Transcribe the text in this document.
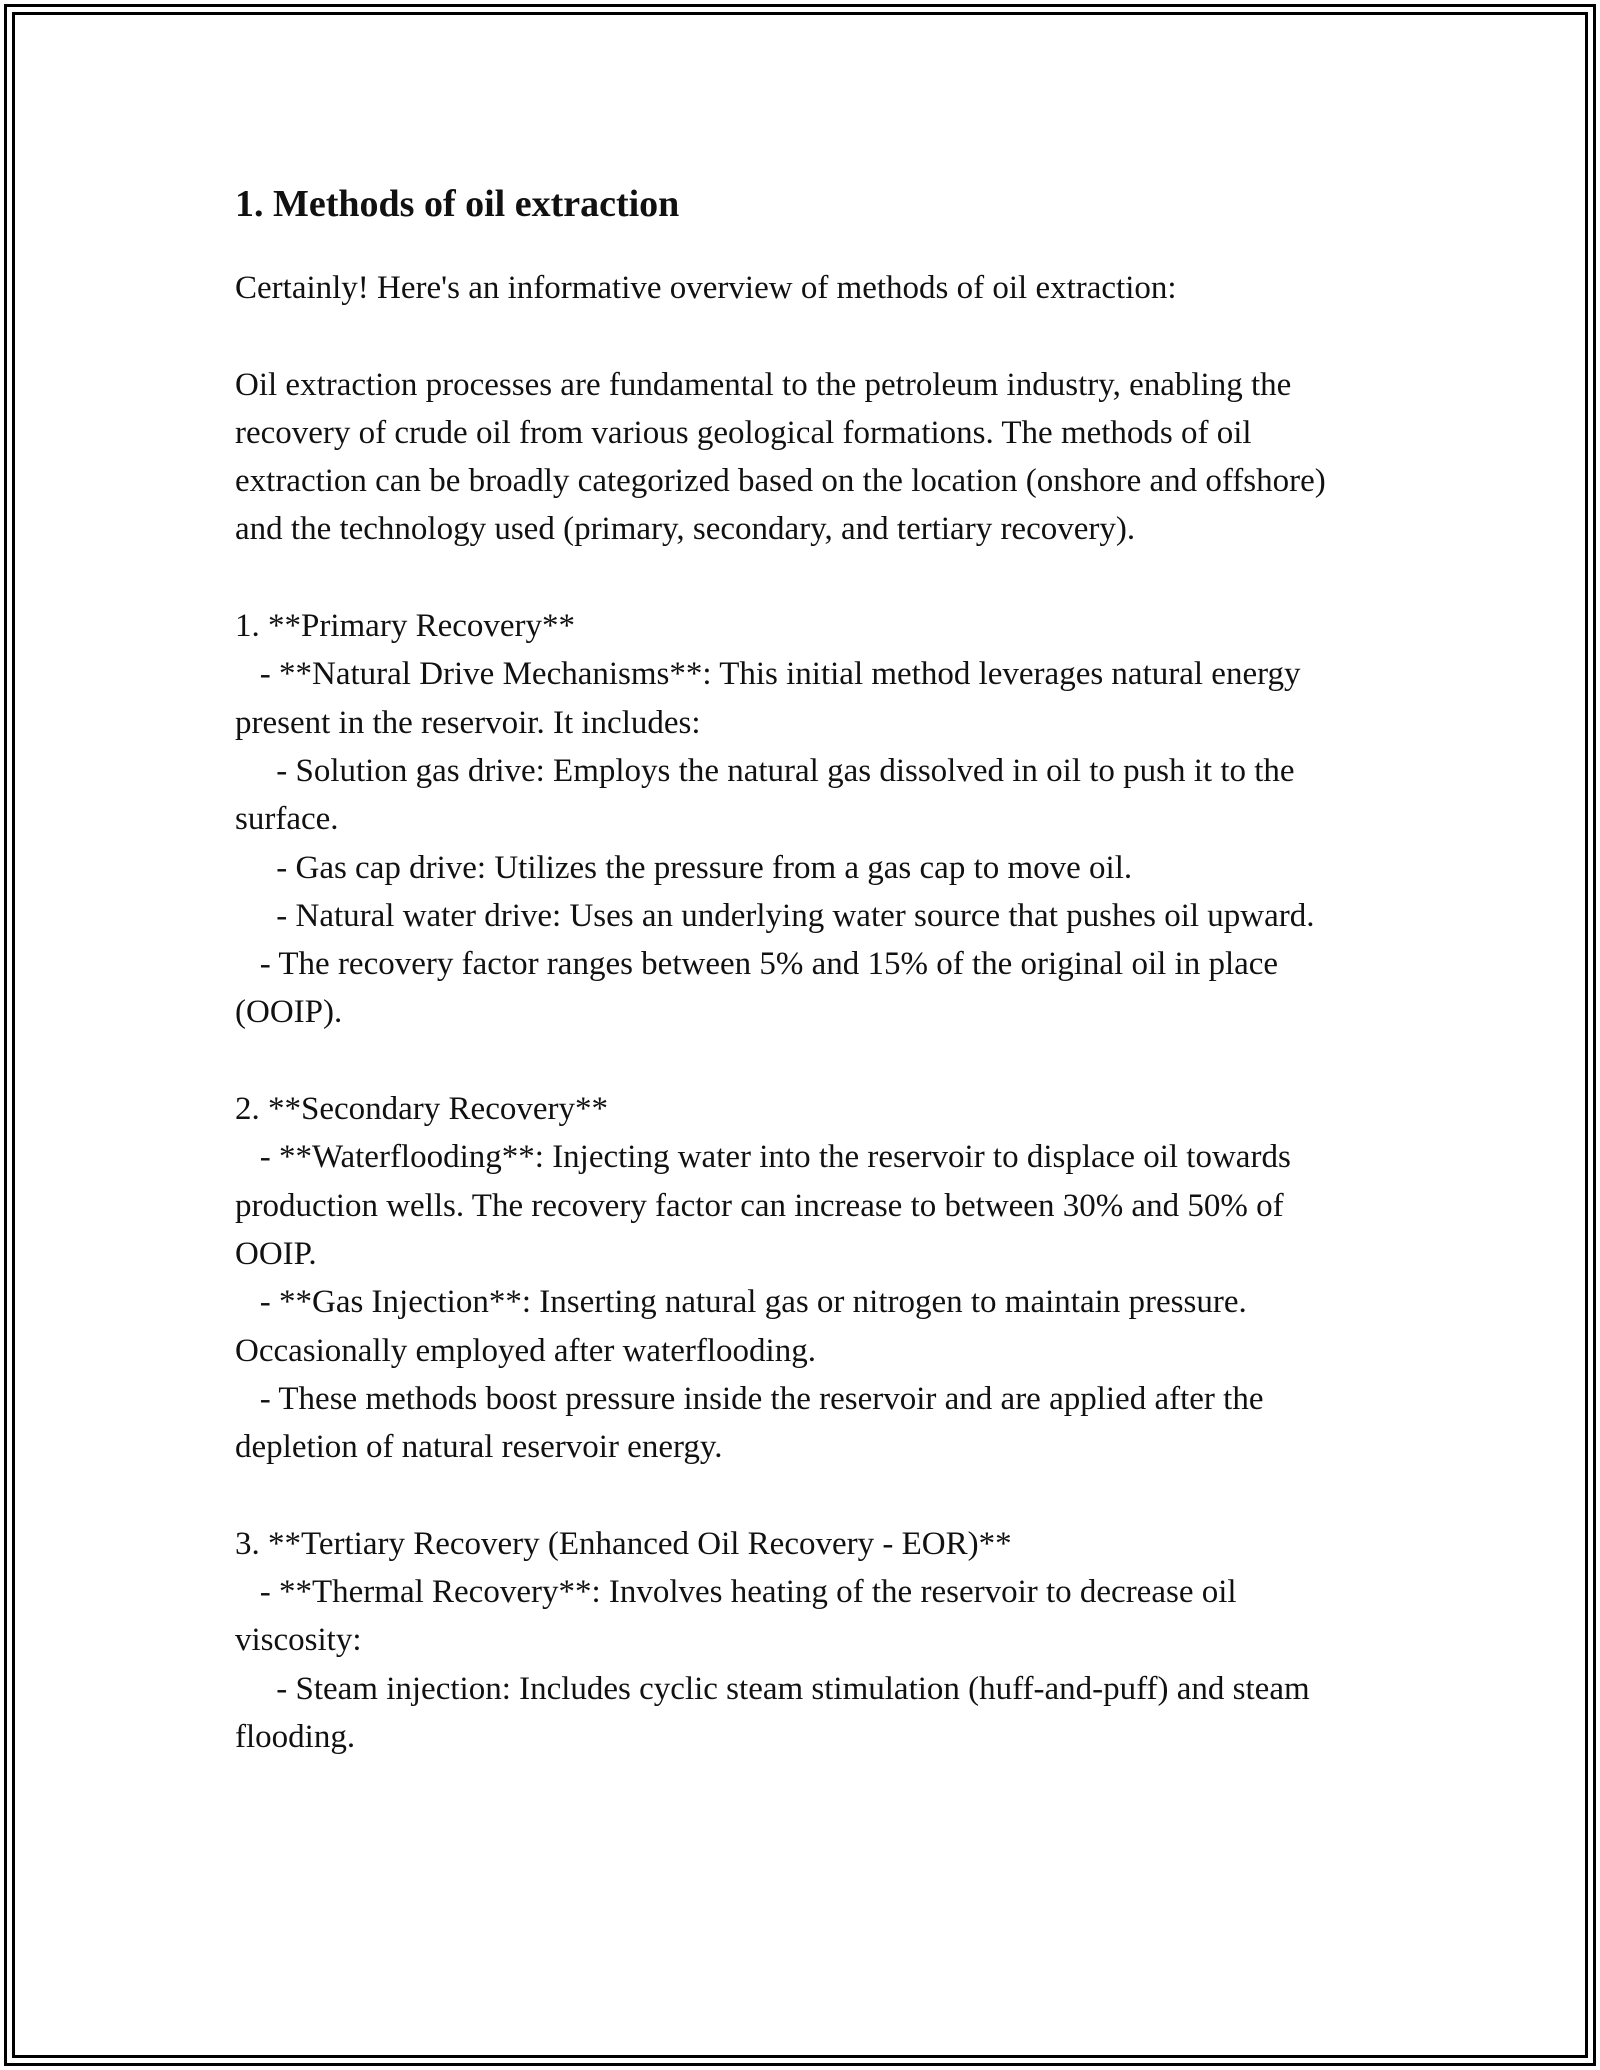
1. Methods of oil extraction

Certainly! Here's an informative overview of methods of oil extraction:

Oil extraction processes are fundamental to the petroleum industry, enabling the recovery of crude oil from various geological formations. The methods of oil extraction can be broadly categorized based on the location (onshore and offshore) and the technology used (primary, secondary, and tertiary recovery).

1. **Primary Recovery**
- **Natural Drive Mechanisms**: This initial method leverages natural energy present in the reservoir. It includes:
- Solution gas drive: Employs the natural gas dissolved in oil to push it to the surface.
- Gas cap drive: Utilizes the pressure from a gas cap to move oil.
- Natural water drive: Uses an underlying water source that pushes oil upward.
- The recovery factor ranges between 5% and 15% of the original oil in place (OOIP).

2. **Secondary Recovery**
- **Waterflooding**: Injecting water into the reservoir to displace oil towards production wells. The recovery factor can increase to between 30% and 50% of OOIP.
- **Gas Injection**: Inserting natural gas or nitrogen to maintain pressure. Occasionally employed after waterflooding.
- These methods boost pressure inside the reservoir and are applied after the depletion of natural reservoir energy.

3. **Tertiary Recovery (Enhanced Oil Recovery - EOR)**
- **Thermal Recovery**: Involves heating of the reservoir to decrease oil viscosity:
- Steam injection: Includes cyclic steam stimulation (huff-and-puff) and steam flooding.
